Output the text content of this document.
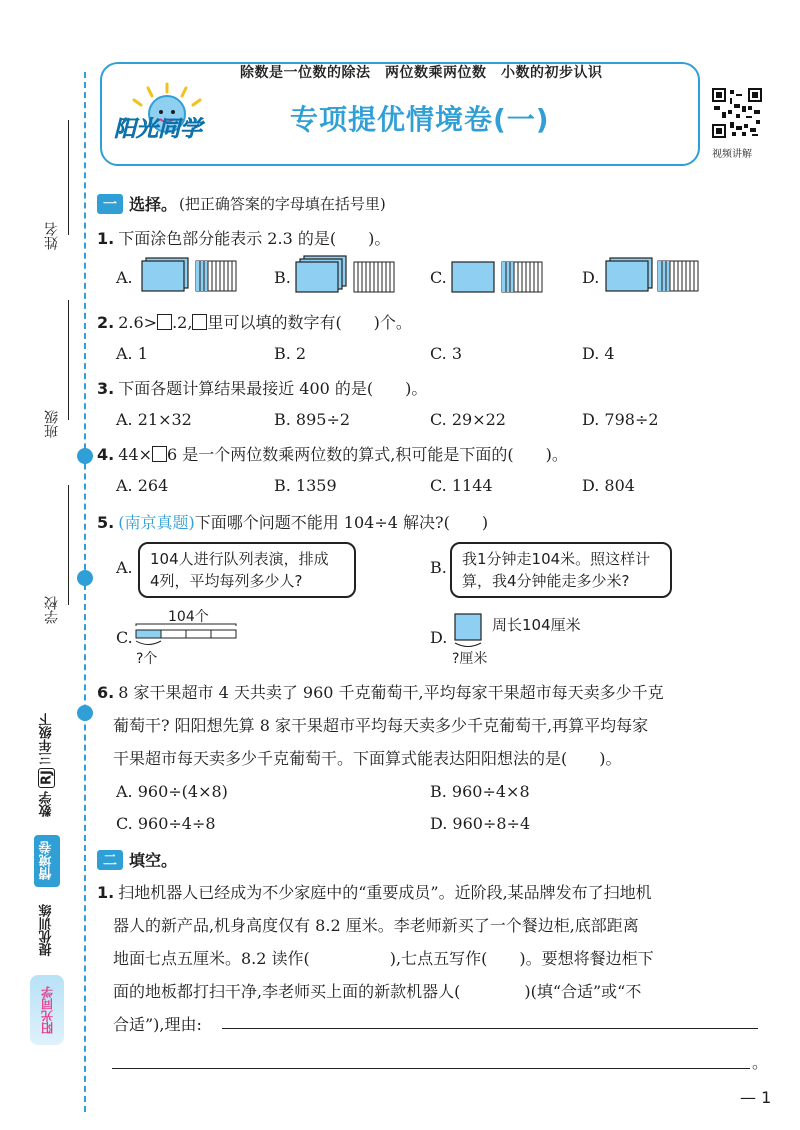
姓名
班级
学校
数学
RJ
三年级下
情境卷
提优训练
阳光同学
除数是一位数的除法　两位数乘两位数　小数的初步认识
阳光同学	专项提优情境卷(一)
视频讲解
一 选择。 (把正确答案的字母填在括号里)
1. 下面涂色部分能表示 2.3 的是(　　)。
A.	B.	C.	D.
2. 2.6> .2, 里可以填的数字有(　　)个。
A. 1	B. 2	C. 3	D. 4
3. 下面各题计算结果最接近 400 的是(　　)。
A. 21×32	B. 895÷2	C. 29×22	D. 798÷2
4. 44× 6 是一个两位数乘两位数的算式,积可能是下面的(　　)。
A. 264	B. 1359	C. 1144	D. 804
5. (南京真题)下面哪个问题不能用 104÷4 解决?(　　)
A. 104人进行队列表演，排成
4列，平均每列多少人?
B. 我1分钟走104米。照这样计
算，我4分钟能走多少米?
C.
104个
?个
D.
周长104厘米
?厘米
6. 8 家干果超市 4 天共卖了 960 千克葡萄干,平均每家干果超市每天卖多少千克
葡萄干? 阳阳想先算 8 家干果超市平均每天卖多少千克葡萄干,再算平均每家
干果超市每天卖多少千克葡萄干。下面算式能表达阳阳想法的是(　　)。
A. 960÷(4×8)	B. 960÷4×8
C. 960÷4÷8	D. 960÷8÷4
二 填空。
1. 扫地机器人已经成为不少家庭中的“重要成员”。近阶段,某品牌发布了扫地机
器人的新产品,机身高度仅有 8.2 厘米。李老师新买了一个餐边柜,底部距离
地面七点五厘米。8.2 读作(　　　　　),七点五写作(　　)。要想将餐边柜下
面的地板都打扫干净,李老师买上面的新款机器人(　　　　)(填“合适”或“不
合适”),理由:
。
— 1
